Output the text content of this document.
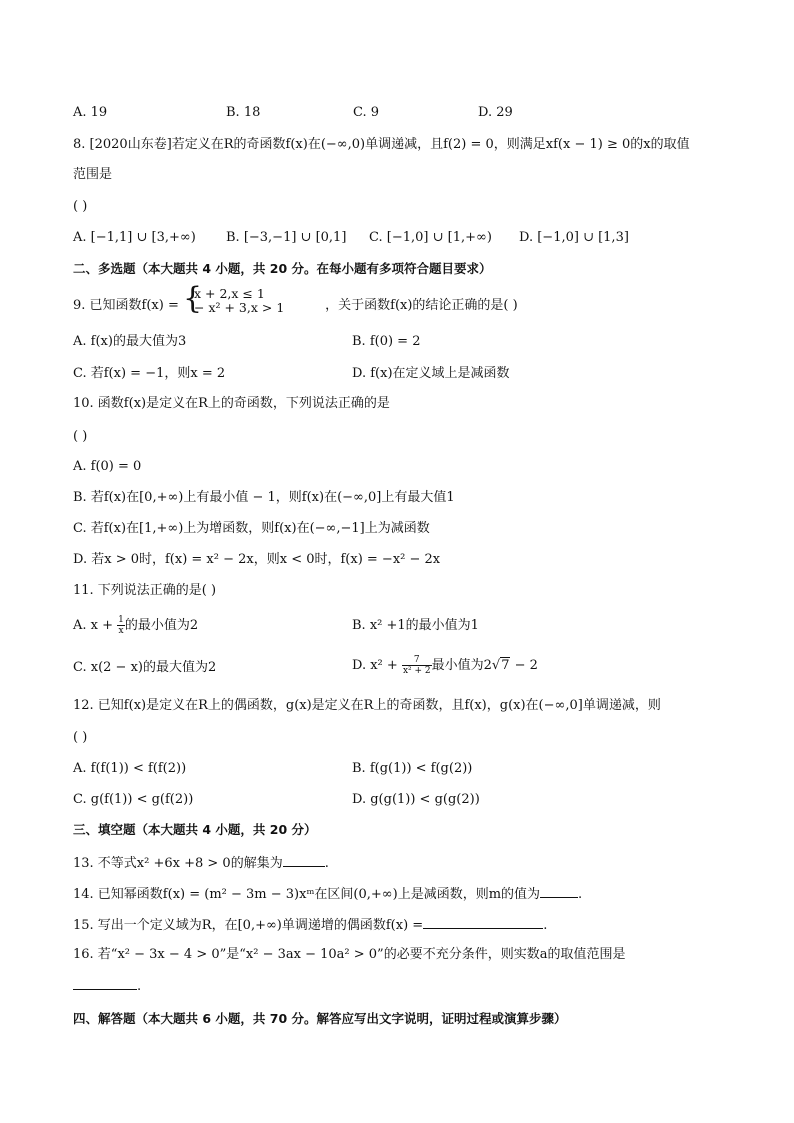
A. 19	B. 18	C. 9	D. 29
8. [2020山东卷]若定义在R的奇函数f(x)在(−∞,0)单调递减，且f(2) = 0，则满足xf(x − 1) ≥ 0的x的取值
范围是
( )
A. [−1,1] ∪ [3,+∞) B. [−3,−1] ∪ [0,1] C. [−1,0] ∪ [1,+∞) D. [−1,0] ∪ [1,3]
二、多选题（本大题共 4 小题，共 20 分。在每小题有多项符合题目要求）
9. 已知函数f(x) = {
x + 2,x ≤ 1
− x² + 3,x > 1	，关于函数f(x)的结论正确的是( )
A. f(x)的最大值为3	B. f(0) = 2
C. 若f(x) = −1，则x = 2	D. f(x)在定义域上是减函数
10. 函数f(x)是定义在R上的奇函数，下列说法正确的是
( )
A. f(0) = 0
B. 若f(x)在[0,+∞)上有最小值 − 1，则f(x)在(−∞,0]上有最大值1
C. 若f(x)在[1,+∞)上为增函数，则f(x)在(−∞,−1]上为减函数
D. 若x > 0时，f(x) = x² − 2x，则x < 0时，f(x) = −x² − 2x
11. 下列说法正确的是( )
A. $x + \frac{1}{x}$ 的最小值为2	B. x² +1的最小值为1
C. x(2 − x)的最大值为2	D. $x^2 + \frac{7}{\text{x² + 2}}$ 最小值为2√7 − 2
12. 已知f(x)是定义在R上的偶函数，g(x)是定义在R上的奇函数，且f(x)，g(x)在(−∞,0]单调递减，则
( )
A. f(f(1)) < f(f(2))	B. f(g(1)) < f(g(2))
C. g(f(1)) < g(f(2))	D. g(g(1)) < g(g(2))
三、填空题（本大题共 4 小题，共 20 分）
13. 不等式x² +6x +8 > 0的解集为	.
14. 已知幂函数f(x) = (m² − 3m − 3)xᵐ在区间(0,+∞)上是减函数，则m的值为	.
15. 写出一个定义域为R，在[0,+∞)单调递增的偶函数f(x) =	.
16. 若“x² − 3x − 4 > 0”是“x² − 3ax − 10a² > 0”的必要不充分条件，则实数a的取值范围是
.
四、解答题（本大题共 6 小题，共 70 分。解答应写出文字说明，证明过程或演算步骤）
